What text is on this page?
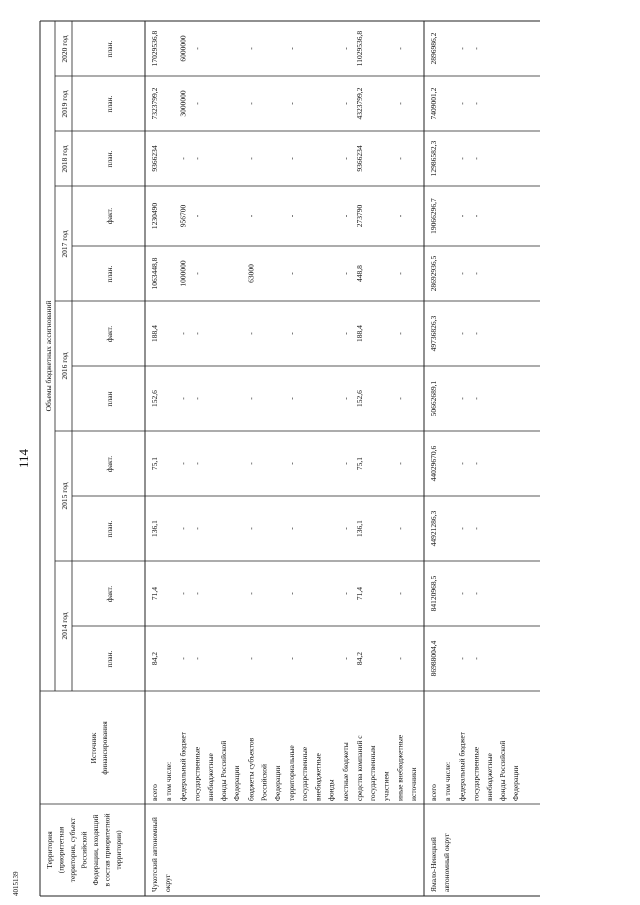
Территория (приоритетная территория, субъект Российской Федерации, входящий в состав приоритетной территории)
Источник финансирования
Объемы бюджетных ассигнований
2014 год
2015 год
2016 год
2017 год
2018 год
2019 год
2020 год
план.
факт.
план.
факт.
план
факт.
план.
факт.
план.
план.
план.
Чукотский автономный округ
всего
84,2
71,4
136,1
75,1
152,6
188,4
1063448,8
1230490
9366234
7323799,2
17029536,8
в том числе: федеральный бюджет
-
-
-
-
-
-
1000000
956700
-
3000000
6000000
государственные внебюджетные фонды Российской Федерации
-
-
-
-
-
-
-
-
-
-
-
бюджеты субъектов Российской Федерации
-
-
-
-
-
-
63000
-
-
-
-
территориальные государственные внебюджетные фонды
-
-
-
-
-
-
-
-
-
-
-
местные бюджеты
-
-
-
-
-
-
-
-
-
-
-
средства компаний с государственным участием
84,2
71,4
136,1
75,1
152,6
188,4
448,8
273790
9366234
4323799,2
11029536,8
иные внебюджетные источники
-
-
-
-
-
-
-
-
-
-
-
Ямало-Ненецкий автономный округ
всего
86988004,4
84120968,5
44921286,3
44029670,6
50662689,1
49736826,3
28692936,5
19066296,7
12986582,3
7409001,2
2896986,2
в том числе: федеральный бюджет
-
-
-
-
-
-
-
-
-
-
-
государственные внебюджетные фонды Российской Федерации
-
-
-
-
-
-
-
-
-
-
-
114
4015139
